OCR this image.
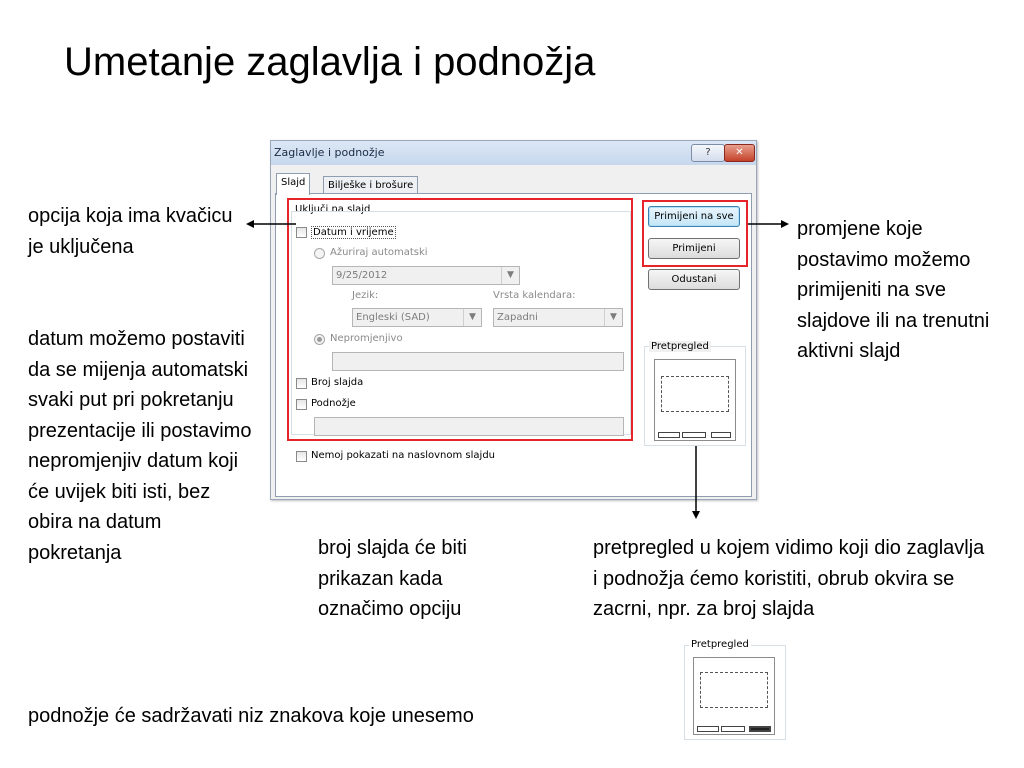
Umetanje zaglavlja i podnožja
Zaglavlje i podnožje	?	✕
Slajd	Bilješke i brošure
Uključi na slajd
Datum i vrijeme
Ažuriraj automatski
9/25/2012	▼
Jezik:	Vrsta kalendara:
Engleski (SAD)	▼	Zapadni	▼
Nepromjenjivo
Broj slajda
Podnožje
Nemoj pokazati na naslovnom slajdu
Primijeni na sve
Primijeni
Odustani
Pretpregled
opcija koja ima kvačicu je uključena
datum možemo postaviti da se mijenja automatski svaki put pri pokretanju prezentacije ili postavimo nepromjenjiv datum koji će uvijek biti isti, bez obira na datum pokretanja
promjene koje postavimo možemo primijeniti na sve slajdove ili na trenutni aktivni slajd
broj slajda će biti prikazan kada označimo opciju
pretpregled u kojem vidimo koji dio zaglavlja i podnožja ćemo koristiti, obrub okvira se zacrni, npr. za broj slajda
podnožje će sadržavati niz znakova koje unesemo
Pretpregled
